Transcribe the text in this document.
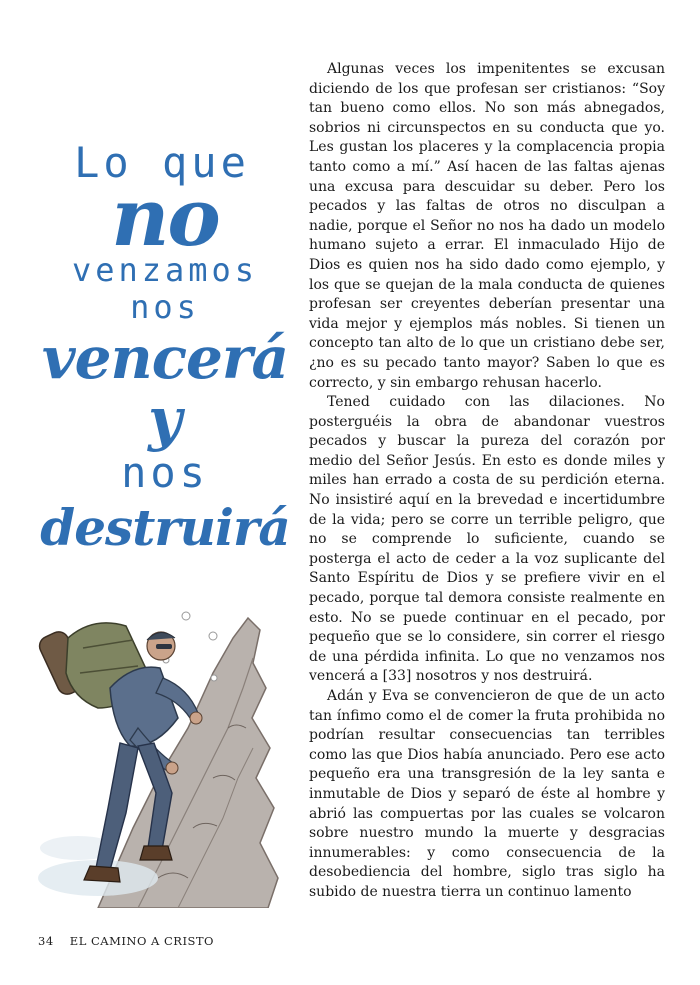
Lo que
no
venzamos
nos
vencerá
y
nos
destruirá

Algunas veces los impenitentes se excusan diciendo de los que profesan ser cristianos: “Soy tan bueno como ellos. No son más abnegados, sobrios ni circunspectos en su conducta que yo. Les gustan los placeres y la complacencia propia tanto como a mí.” Así hacen de las faltas ajenas una excusa para descuidar su deber. Pero los pecados y las faltas de otros no disculpan a nadie, porque el Señor no nos ha dado un modelo humano sujeto a errar. El inmaculado Hijo de Dios es quien nos ha sido dado como ejemplo, y los que se quejan de la mala conducta de quienes profesan ser creyentes deberían presentar una vida mejor y ejemplos más nobles. Si tienen un concepto tan alto de lo que un cristiano debe ser, ¿no es su pecado tanto mayor? Saben lo que es correcto, y sin embargo rehusan hacerlo.

Tened cuidado con las dilaciones. No posterguéis la obra de abandonar vuestros pecados y buscar la pureza del corazón por medio del Señor Jesús. En esto es donde miles y miles han errado a costa de su perdición eterna. No insistiré aquí en la brevedad e incertidumbre de la vida; pero se corre un terrible peligro, que no se comprende lo suficiente, cuando se posterga el acto de ceder a la voz suplicante del Santo Espíritu de Dios y se prefiere vivir en el pecado, porque tal demora consiste realmente en esto. No se puede continuar en el pecado, por pequeño que se lo considere, sin correr el riesgo de una pérdida infinita. Lo que no venzamos nos vencerá a [33] nosotros y nos destruirá.

Adán y Eva se convencieron de que de un acto tan ínfimo como el de comer la fruta prohibida no podrían resultar consecuencias tan terribles como las que Dios había anunciado. Pero ese acto pequeño era una transgresión de la ley santa e inmutable de Dios y separó de éste al hombre y abrió las compuertas por las cuales se volcaron sobre nuestro mundo la muerte y desgracias innumerables: y como consecuencia de la desobediencia del hombre, siglo tras siglo ha subido de nuestra tierra un continuo lamento

34 EL CAMINO A CRISTO
